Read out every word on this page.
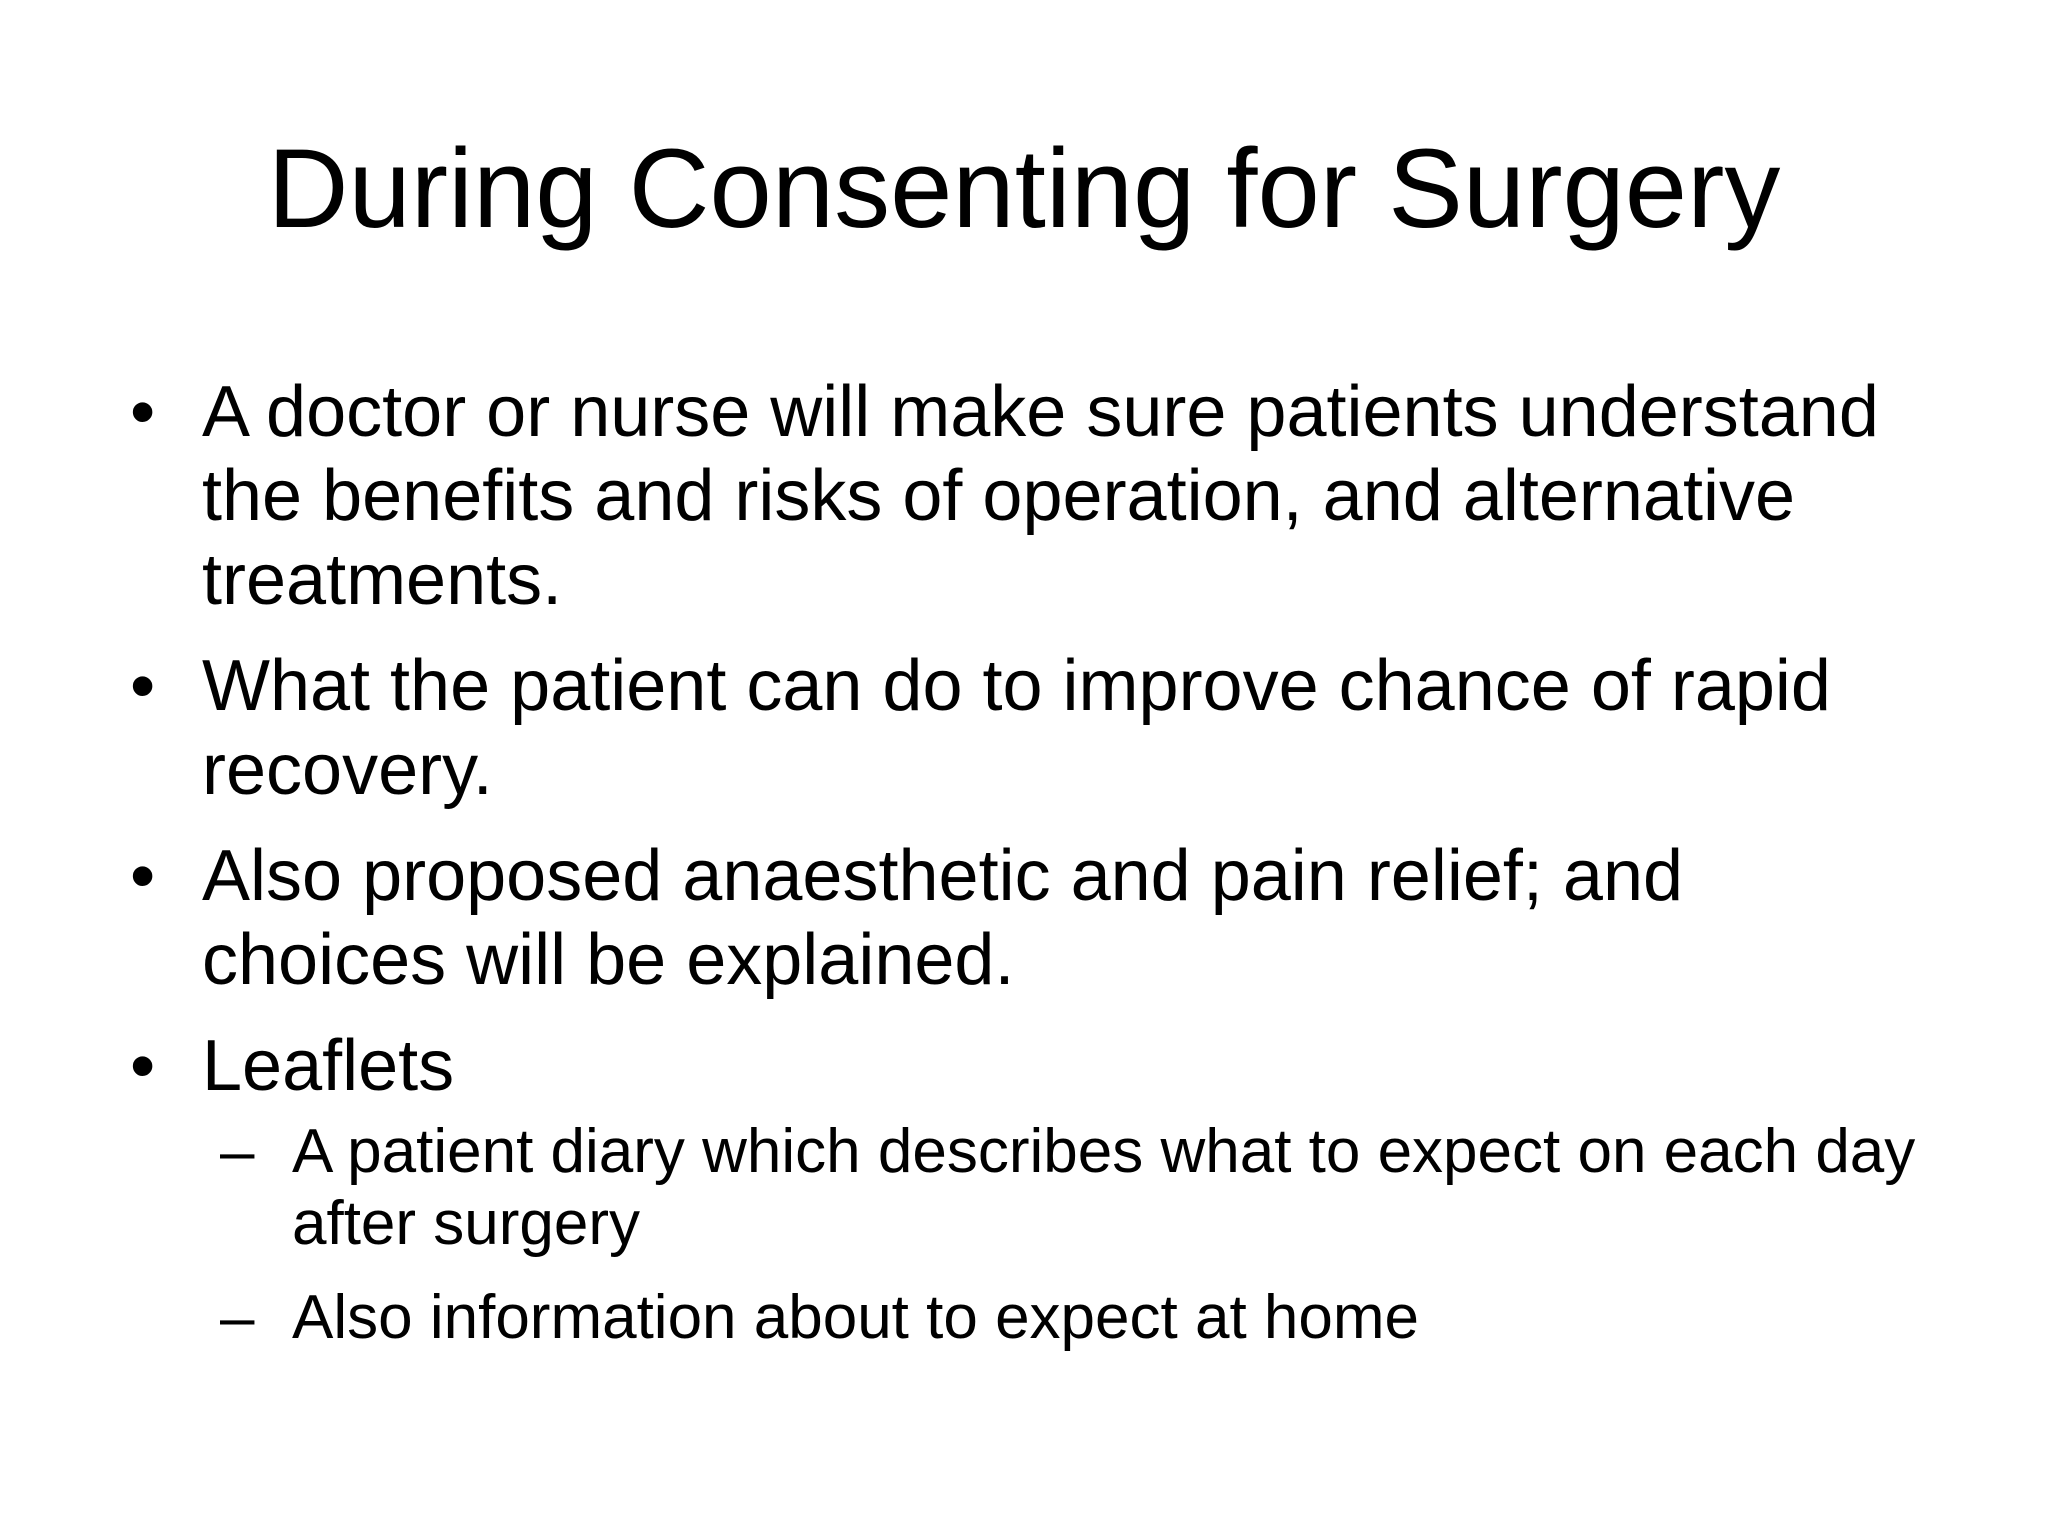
During Consenting for Surgery
• A doctor or nurse will make sure patients understand the benefits and risks of operation, and alternative treatments.
• What the patient can do to improve chance of rapid recovery.
• Also proposed anaesthetic and pain relief; and choices will be explained.
• Leaflets
– A patient diary which describes what to expect on each day after surgery
– Also information about to expect at home
